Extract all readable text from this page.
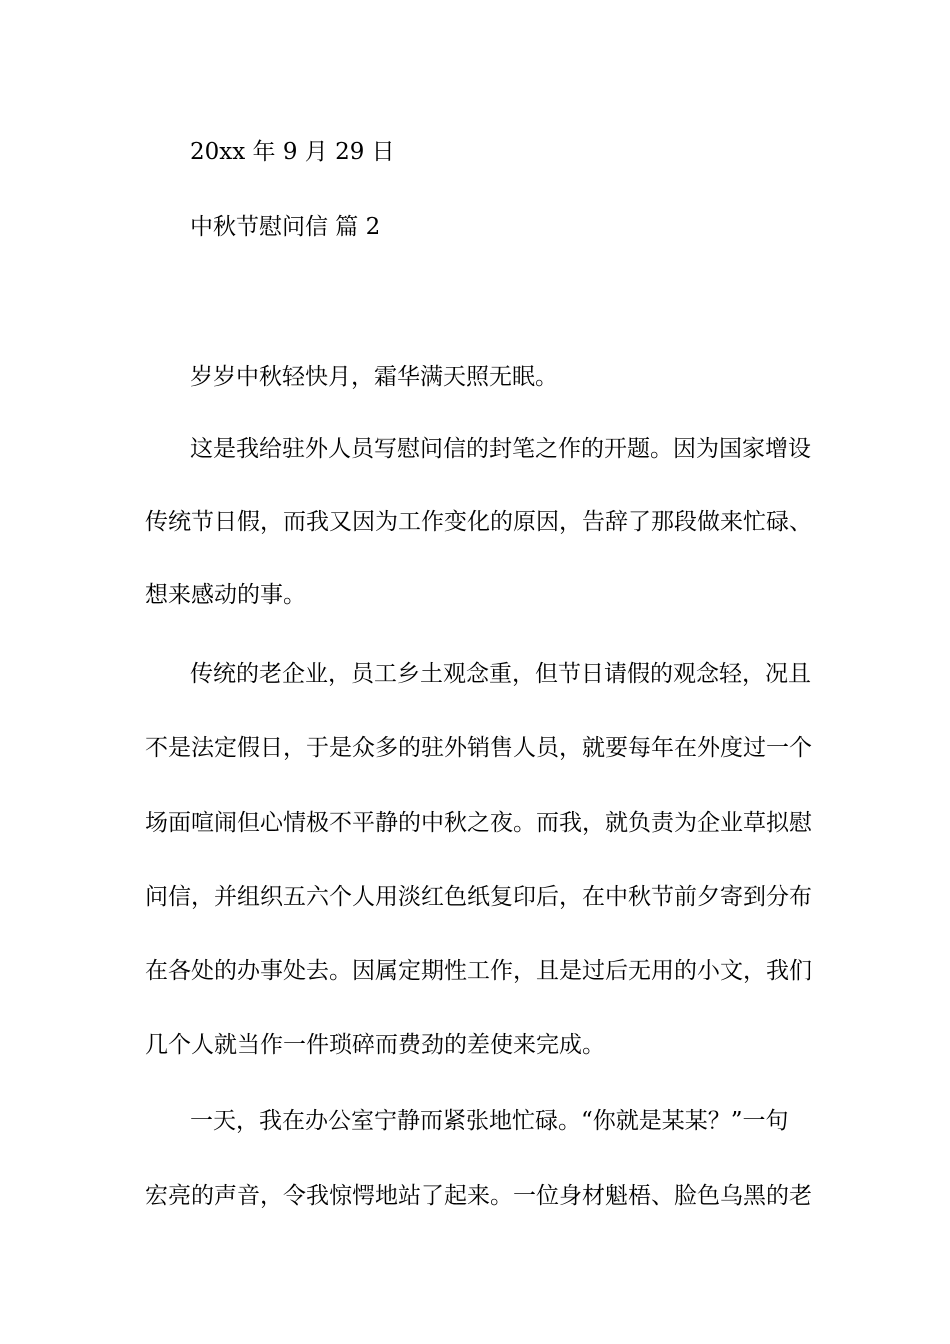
20xx 年 9 月 29 日
中秋节慰问信 篇 2
岁岁中秋轻快月，霜华满天照无眠。
这是我给驻外人员写慰问信的封笔之作的开题。因为国家增设
传统节日假，而我又因为工作变化的原因，告辞了那段做来忙碌、
想来感动的事。
传统的老企业，员工乡土观念重，但节日请假的观念轻，况且
不是法定假日，于是众多的驻外销售人员，就要每年在外度过一个
场面喧闹但心情极不平静的中秋之夜。而我，就负责为企业草拟慰
问信，并组织五六个人用淡红色纸复印后，在中秋节前夕寄到分布
在各处的办事处去。因属定期性工作，且是过后无用的小文，我们
几个人就当作一件琐碎而费劲的差使来完成。
一天，我在办公室宁静而紧张地忙碌。“你就是某某？”一句
宏亮的声音，令我惊愕地站了起来。一位身材魁梧、脸色乌黑的老
